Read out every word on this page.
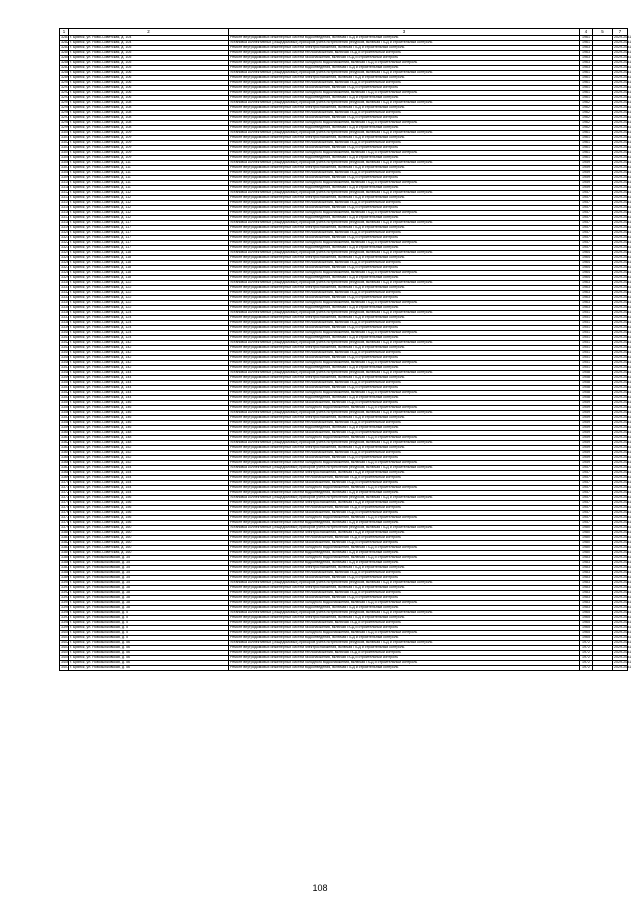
1	2	3	4	5	7
3281	г. Брянск, ул. Ново-Советская, д. 104	Ремонт внутридомовых инженерных систем водоотведения, включая ПСД и строительный контроль	1961		2029-2031
3282	г. Брянск, ул. Ново-Советская, д. 104	Установка коллективных (общедомовых) приборов учета потребления ресурсов, включая ПСД и строительный контроль	1961		2029-2031
3283	г. Брянск, ул. Ново-Советская, д. 105	Ремонт внутридомовых инженерных систем электроснабжения, включая ПСД и строительный контроль	1963		2029-2031
3284	г. Брянск, ул. Ново-Советская, д. 105	Ремонт внутридомовых инженерных систем теплоснабжения, включая ПСД и строительный контроль	1963		2029-2031
3285	г. Брянск, ул. Ново-Советская, д. 105	Ремонт внутридомовых инженерных систем газоснабжения, включая ПСД и строительный контроль	1963		2029-2031
3286	г. Брянск, ул. Ново-Советская, д. 105	Ремонт внутридомовых инженерных систем холодного водоснабжения, включая ПСД и строительный контроль	1963		2029-2031
3287	г. Брянск, ул. Ново-Советская, д. 105	Ремонт внутридомовых инженерных систем водоотведения, включая ПСД и строительный контроль	1963		2029-2031
3288	г. Брянск, ул. Ново-Советская, д. 106	Установка коллективных (общедомовых) приборов учета потребления ресурсов, включая ПСД и строительный контроль	1961		2029-2031
3289	г. Брянск, ул. Ново-Советская, д. 106	Ремонт внутридомовых инженерных систем электроснабжения, включая ПСД и строительный контроль	1961		2029-2031
3290	г. Брянск, ул. Ново-Советская, д. 106	Ремонт внутридомовых инженерных систем теплоснабжения, включая ПСД и строительный контроль	1961		2029-2031
3291	г. Брянск, ул. Ново-Советская, д. 106	Ремонт внутридомовых инженерных систем газоснабжения, включая ПСД и строительный контроль	1961		2029-2031
3292	г. Брянск, ул. Ново-Советская, д. 106	Ремонт внутридомовых инженерных систем холодного водоснабжения, включая ПСД и строительный контроль	1961		2029-2031
3293	г. Брянск, ул. Ново-Советская, д. 106	Ремонт внутридомовых инженерных систем водоотведения, включая ПСД и строительный контроль	1961		2029-2031
3294	г. Брянск, ул. Ново-Советская, д. 108	Установка коллективных (общедомовых) приборов учета потребления ресурсов, включая ПСД и строительный контроль	1962		2029-2031
3295	г. Брянск, ул. Ново-Советская, д. 108	Ремонт внутридомовых инженерных систем электроснабжения, включая ПСД и строительный контроль	1962		2029-2031
3296	г. Брянск, ул. Ново-Советская, д. 108	Ремонт внутридомовых инженерных систем теплоснабжения, включая ПСД и строительный контроль	1962		2029-2031
3297	г. Брянск, ул. Ново-Советская, д. 108	Ремонт внутридомовых инженерных систем газоснабжения, включая ПСД и строительный контроль	1962		2029-2031
3298	г. Брянск, ул. Ново-Советская, д. 108	Ремонт внутридомовых инженерных систем холодного водоснабжения, включая ПСД и строительный контроль	1962		2029-2031
3299	г. Брянск, ул. Ново-Советская, д. 108	Ремонт внутридомовых инженерных систем водоотведения, включая ПСД и строительный контроль	1962		2029-2031
3300	г. Брянск, ул. Ново-Советская, д. 109	Установка коллективных (общедомовых) приборов учета потребления ресурсов, включая ПСД и строительный контроль	1961		2029-2031
3301	г. Брянск, ул. Ново-Советская, д. 109	Ремонт внутридомовых инженерных систем электроснабжения, включая ПСД и строительный контроль	1961		2029-2031
3302	г. Брянск, ул. Ново-Советская, д. 109	Ремонт внутридомовых инженерных систем теплоснабжения, включая ПСД и строительный контроль	1961		2029-2031
3303	г. Брянск, ул. Ново-Советская, д. 109	Ремонт внутридомовых инженерных систем газоснабжения, включая ПСД и строительный контроль	1961		2029-2031
3304	г. Брянск, ул. Ново-Советская, д. 109	Ремонт внутридомовых инженерных систем холодного водоснабжения, включая ПСД и строительный контроль	1961		2029-2031
3305	г. Брянск, ул. Ново-Советская, д. 109	Ремонт внутридомовых инженерных систем водоотведения, включая ПСД и строительный контроль	1961		2029-2031
3306	г. Брянск, ул. Ново-Советская, д. 111	Установка коллективных (общедомовых) приборов учета потребления ресурсов, включая ПСД и строительный контроль	1959		2029-2031
3307	г. Брянск, ул. Ново-Советская, д. 111	Ремонт внутридомовых инженерных систем электроснабжения, включая ПСД и строительный контроль	1959		2029-2031
3308	г. Брянск, ул. Ново-Советская, д. 111	Ремонт внутридомовых инженерных систем теплоснабжения, включая ПСД и строительный контроль	1959		2029-2031
3309	г. Брянск, ул. Ново-Советская, д. 111	Ремонт внутридомовых инженерных систем газоснабжения, включая ПСД и строительный контроль	1959		2029-2031
3310	г. Брянск, ул. Ново-Советская, д. 111	Ремонт внутридомовых инженерных систем холодного водоснабжения, включая ПСД и строительный контроль	1959		2029-2031
3311	г. Брянск, ул. Ново-Советская, д. 111	Ремонт внутридомовых инженерных систем водоотведения, включая ПСД и строительный контроль	1959		2029-2031
3312	г. Брянск, ул. Ново-Советская, д. 112	Установка коллективных (общедомовых) приборов учета потребления ресурсов, включая ПСД и строительный контроль	1957		2029-2031
3313	г. Брянск, ул. Ново-Советская, д. 112	Ремонт внутридомовых инженерных систем электроснабжения, включая ПСД и строительный контроль	1957		2029-2031
3314	г. Брянск, ул. Ново-Советская, д. 112	Ремонт внутридомовых инженерных систем теплоснабжения, включая ПСД и строительный контроль	1957		2029-2031
3315	г. Брянск, ул. Ново-Советская, д. 112	Ремонт внутридомовых инженерных систем газоснабжения, включая ПСД и строительный контроль	1957		2029-2031
3316	г. Брянск, ул. Ново-Советская, д. 112	Ремонт внутридомовых инженерных систем холодного водоснабжения, включая ПСД и строительный контроль	1957		2029-2031
3317	г. Брянск, ул. Ново-Советская, д. 112	Ремонт внутридомовых инженерных систем водоотведения, включая ПСД и строительный контроль	1957		2029-2031
3318	г. Брянск, ул. Ново-Советская, д. 117	Установка коллективных (общедомовых) приборов учета потребления ресурсов, включая ПСД и строительный контроль	1957		2029-2031
3319	г. Брянск, ул. Ново-Советская, д. 117	Ремонт внутридомовых инженерных систем электроснабжения, включая ПСД и строительный контроль	1957		2029-2031
3320	г. Брянск, ул. Ново-Советская, д. 117	Ремонт внутридомовых инженерных систем теплоснабжения, включая ПСД и строительный контроль	1957		2029-2031
3321	г. Брянск, ул. Ново-Советская, д. 117	Ремонт внутридомовых инженерных систем газоснабжения, включая ПСД и строительный контроль	1957		2029-2031
3322	г. Брянск, ул. Ново-Советская, д. 117	Ремонт внутридомовых инженерных систем холодного водоснабжения, включая ПСД и строительный контроль	1957		2029-2031
3323	г. Брянск, ул. Ново-Советская, д. 117	Ремонт внутридомовых инженерных систем водоотведения, включая ПСД и строительный контроль	1957		2029-2031
3324	г. Брянск, ул. Ново-Советская, д. 118	Установка коллективных (общедомовых) приборов учета потребления ресурсов, включая ПСД и строительный контроль	1964		2029-2031
3325	г. Брянск, ул. Ново-Советская, д. 118	Ремонт внутридомовых инженерных систем электроснабжения, включая ПСД и строительный контроль	1964		2029-2031
3326	г. Брянск, ул. Ново-Советская, д. 118	Ремонт внутридомовых инженерных систем теплоснабжения, включая ПСД и строительный контроль	1964		2029-2031
3327	г. Брянск, ул. Ново-Советская, д. 118	Ремонт внутридомовых инженерных систем газоснабжения, включая ПСД и строительный контроль	1964		2029-2031
3328	г. Брянск, ул. Ново-Советская, д. 118	Ремонт внутридомовых инженерных систем холодного водоснабжения, включая ПСД и строительный контроль	1964		2029-2031
3329	г. Брянск, ул. Ново-Советская, д. 118	Ремонт внутридомовых инженерных систем водоотведения, включая ПСД и строительный контроль	1964		2029-2031
3330	г. Брянск, ул. Ново-Советская, д. 122	Установка коллективных (общедомовых) приборов учета потребления ресурсов, включая ПСД и строительный контроль	1963		2029-2031
3331	г. Брянск, ул. Ново-Советская, д. 122	Ремонт внутридомовых инженерных систем электроснабжения, включая ПСД и строительный контроль	1963		2029-2031
3332	г. Брянск, ул. Ново-Советская, д. 122	Ремонт внутридомовых инженерных систем теплоснабжения, включая ПСД и строительный контроль	1963		2029-2031
3333	г. Брянск, ул. Ново-Советская, д. 122	Ремонт внутридомовых инженерных систем газоснабжения, включая ПСД и строительный контроль	1963		2029-2031
3334	г. Брянск, ул. Ново-Советская, д. 122	Ремонт внутридомовых инженерных систем холодного водоснабжения, включая ПСД и строительный контроль	1963		2029-2031
3335	г. Брянск, ул. Ново-Советская, д. 122	Ремонт внутридомовых инженерных систем водоотведения, включая ПСД и строительный контроль	1963		2029-2031
3336	г. Брянск, ул. Ново-Советская, д. 124	Установка коллективных (общедомовых) приборов учета потребления ресурсов, включая ПСД и строительный контроль	1951		2029-2031
3337	г. Брянск, ул. Ново-Советская, д. 124	Ремонт внутридомовых инженерных систем электроснабжения, включая ПСД и строительный контроль	1951		2029-2031
3338	г. Брянск, ул. Ново-Советская, д. 124	Ремонт внутридомовых инженерных систем теплоснабжения, включая ПСД и строительный контроль	1951		2029-2031
3339	г. Брянск, ул. Ново-Советская, д. 124	Ремонт внутридомовых инженерных систем газоснабжения, включая ПСД и строительный контроль	1951		2029-2031
3340	г. Брянск, ул. Ново-Советская, д. 124	Ремонт внутридомовых инженерных систем холодного водоснабжения, включая ПСД и строительный контроль	1951		2029-2031
3341	г. Брянск, ул. Ново-Советская, д. 124	Ремонт внутридомовых инженерных систем водоотведения, включая ПСД и строительный контроль	1951		2029-2031
3342	г. Брянск, ул. Ново-Советская, д. 142	Установка коллективных (общедомовых) приборов учета потребления ресурсов, включая ПСД и строительный контроль	1951		2029-2031
3343	г. Брянск, ул. Ново-Советская, д. 142	Ремонт внутридомовых инженерных систем электроснабжения, включая ПСД и строительный контроль	1951		2029-2031
3344	г. Брянск, ул. Ново-Советская, д. 142	Ремонт внутридомовых инженерных систем теплоснабжения, включая ПСД и строительный контроль	1951		2029-2031
3345	г. Брянск, ул. Ново-Советская, д. 142	Ремонт внутридомовых инженерных систем газоснабжения, включая ПСД и строительный контроль	1951		2029-2031
3346	г. Брянск, ул. Ново-Советская, д. 142	Ремонт внутридомовых инженерных систем холодного водоснабжения, включая ПСД и строительный контроль	1951		2029-2031
3347	г. Брянск, ул. Ново-Советская, д. 142	Ремонт внутридомовых инженерных систем водоотведения, включая ПСД и строительный контроль	1951		2029-2031
3348	г. Брянск, ул. Ново-Советская, д. 144	Установка коллективных (общедомовых) приборов учета потребления ресурсов, включая ПСД и строительный контроль	1958		2029-2031
3349	г. Брянск, ул. Ново-Советская, д. 144	Ремонт внутридомовых инженерных систем электроснабжения, включая ПСД и строительный контроль	1958		2029-2031
3350	г. Брянск, ул. Ново-Советская, д. 144	Ремонт внутридомовых инженерных систем теплоснабжения, включая ПСД и строительный контроль	1958		2029-2031
3351	г. Брянск, ул. Ново-Советская, д. 144	Ремонт внутридомовых инженерных систем газоснабжения, включая ПСД и строительный контроль	1958		2029-2031
3352	г. Брянск, ул. Ново-Советская, д. 144	Ремонт внутридомовых инженерных систем холодного водоснабжения, включая ПСД и строительный контроль	1958		2029-2031
3353	г. Брянск, ул. Ново-Советская, д. 144	Ремонт внутридомовых инженерных систем водоотведения, включая ПСД и строительный контроль	1958		2029-2031
3354	г. Брянск, ул. Ново-Советская, д. 146	Ремонт внутридомовых инженерных систем газоснабжения, включая ПСД и строительный контроль	1959		2029-2031
3355	г. Брянск, ул. Ново-Советская, д. 146	Ремонт внутридомовых инженерных систем холодного водоснабжения, включая ПСД и строительный контроль	1959		2029-2031
3356	г. Брянск, ул. Ново-Советская, д. 146	Установка коллективных (общедомовых) приборов учета потребления ресурсов, включая ПСД и строительный контроль	1959		2029-2031
3357	г. Брянск, ул. Ново-Советская, д. 146	Ремонт внутридомовых инженерных систем электроснабжения, включая ПСД и строительный контроль	1959		2029-2031
3358	г. Брянск, ул. Ново-Советская, д. 146	Ремонт внутридомовых инженерных систем теплоснабжения, включая ПСД и строительный контроль	1959		2029-2031
3359	г. Брянск, ул. Ново-Советская, д. 146	Ремонт внутридомовых инженерных систем водоотведения, включая ПСД и строительный контроль	1959		2029-2031
3360	г. Брянск, ул. Ново-Советская, д. 148	Ремонт внутридомовых инженерных систем газоснабжения, включая ПСД и строительный контроль	1959		2029-2031
3361	г. Брянск, ул. Ново-Советская, д. 148	Ремонт внутридомовых инженерных систем холодного водоснабжения, включая ПСД и строительный контроль	1959		2029-2031
3362	г. Брянск, ул. Ново-Советская, д. 148	Установка коллективных (общедомовых) приборов учета потребления ресурсов, включая ПСД и строительный контроль	1959		2029-2031
3363	г. Брянск, ул. Ново-Советская, д. 152	Ремонт внутридомовых инженерных систем электроснабжения, включая ПСД и строительный контроль	1959		2029-2031
3364	г. Брянск, ул. Ново-Советская, д. 152	Ремонт внутридомовых инженерных систем теплоснабжения, включая ПСД и строительный контроль	1959		2029-2031
3365	г. Брянск, ул. Ново-Советская, д. 152	Ремонт внутридомовых инженерных систем газоснабжения, включая ПСД и строительный контроль	1959		2029-2031
3366	г. Брянск, ул. Ново-Советская, д. 152	Ремонт внутридомовых инженерных систем холодного водоснабжения, включая ПСД и строительный контроль	1959		2029-2031
3367	г. Брянск, ул. Ново-Советская, д. 154	Установка коллективных (общедомовых) приборов учета потребления ресурсов, включая ПСД и строительный контроль	1957		2029-2031
3368	г. Брянск, ул. Ново-Советская, д. 154	Ремонт внутридомовых инженерных систем электроснабжения, включая ПСД и строительный контроль	1957		2029-2031
3369	г. Брянск, ул. Ново-Советская, д. 154	Ремонт внутридомовых инженерных систем теплоснабжения, включая ПСД и строительный контроль	1957		2029-2031
3370	г. Брянск, ул. Ново-Советская, д. 154	Ремонт внутридомовых инженерных систем газоснабжения, включая ПСД и строительный контроль	1957		2029-2031
3371	г. Брянск, ул. Ново-Советская, д. 154	Ремонт внутридомовых инженерных систем холодного водоснабжения, включая ПСД и строительный контроль	1957		2029-2031
3372	г. Брянск, ул. Ново-Советская, д. 154	Ремонт внутридомовых инженерных систем водоотведения, включая ПСД и строительный контроль	1957		2029-2031
3373	г. Брянск, ул. Ново-Советская, д. 156	Установка коллективных (общедомовых) приборов учета потребления ресурсов, включая ПСД и строительный контроль	1957		2029-2031
3374	г. Брянск, ул. Ново-Советская, д. 156	Ремонт внутридомовых инженерных систем электроснабжения, включая ПСД и строительный контроль	1957		2029-2031
3375	г. Брянск, ул. Ново-Советская, д. 156	Ремонт внутридомовых инженерных систем теплоснабжения, включая ПСД и строительный контроль	1957		2029-2031
3376	г. Брянск, ул. Ново-Советская, д. 156	Ремонт внутридомовых инженерных систем газоснабжения, включая ПСД и строительный контроль	1957		2029-2031
3377	г. Брянск, ул. Ново-Советская, д. 156	Ремонт внутридомовых инженерных систем холодного водоснабжения, включая ПСД и строительный контроль	1957		2029-2031
3378	г. Брянск, ул. Ново-Советская, д. 156	Ремонт внутридомовых инженерных систем водоотведения, включая ПСД и строительный контроль	1957		2029-2031
3379	г. Брянск, ул. Ново-Советская, д. 160	Установка коллективных (общедомовых) приборов учета потребления ресурсов, включая ПСД и строительный контроль	1980		2029-2031
3380	г. Брянск, ул. Ново-Советская, д. 160	Ремонт внутридомовых инженерных систем электроснабжения, включая ПСД и строительный контроль	1980		2029-2031
3381	г. Брянск, ул. Ново-Советская, д. 160	Ремонт внутридомовых инженерных систем теплоснабжения, включая ПСД и строительный контроль	1980		2029-2031
3382	г. Брянск, ул. Ново-Советская, д. 160	Ремонт внутридомовых инженерных систем газоснабжения, включая ПСД и строительный контроль	1980		2029-2031
3383	г. Брянск, ул. Ново-Советская, д. 160	Ремонт внутридомовых инженерных систем холодного водоснабжения, включая ПСД и строительный контроль	1980		2029-2031
3384	г. Брянск, ул. Ново-Советская, д. 160	Ремонт внутридомовых инженерных систем водоотведения, включая ПСД и строительный контроль	1980		2029-2031
3385	г. Брянск, ул. Новозыбковская, д. 35	Ремонт внутридомовых инженерных систем холодного водоснабжения, включая ПСД и строительный контроль	1983		2029-2031
3386	г. Брянск, ул. Новозыбковская, д. 35	Ремонт внутридомовых инженерных систем водоотведения, включая ПСД и строительный контроль	1983		2029-2031
3387	г. Брянск, ул. Новозыбковская, д. 35	Ремонт внутридомовых инженерных систем электроснабжения, включая ПСД и строительный контроль	1983		2029-2031
3388	г. Брянск, ул. Новозыбковская, д. 35	Ремонт внутридомовых инженерных систем теплоснабжения, включая ПСД и строительный контроль	1983		2029-2031
3389	г. Брянск, ул. Новозыбковская, д. 35	Ремонт внутридомовых инженерных систем газоснабжения, включая ПСД и строительный контроль	1983		2029-2031
3390	г. Брянск, ул. Новозыбковская, д. 35	Установка коллективных (общедомовых) приборов учета потребления ресурсов, включая ПСД и строительный контроль	1983		2029-2031
3391	г. Брянск, ул. Новозыбковская, д. 38	Ремонт внутридомовых инженерных систем электроснабжения, включая ПСД и строительный контроль	1983		2029-2031
3392	г. Брянск, ул. Новозыбковская, д. 38	Ремонт внутридомовых инженерных систем теплоснабжения, включая ПСД и строительный контроль	1983		2029-2031
3393	г. Брянск, ул. Новозыбковская, д. 38	Ремонт внутридомовых инженерных систем газоснабжения, включая ПСД и строительный контроль	1983		2029-2031
3394	г. Брянск, ул. Новозыбковская, д. 38	Ремонт внутридомовых инженерных систем холодного водоснабжения, включая ПСД и строительный контроль	1983		2029-2031
3395	г. Брянск, ул. Новозыбковская, д. 38	Ремонт внутридомовых инженерных систем водоотведения, включая ПСД и строительный контроль	1983		2029-2031
3396	г. Брянск, ул. Новозыбковская, д. 5	Установка коллективных (общедомовых) приборов учета потребления ресурсов, включая ПСД и строительный контроль	1965		2029-2031
3397	г. Брянск, ул. Новозыбковская, д. 5	Ремонт внутридомовых инженерных систем электроснабжения, включая ПСД и строительный контроль	1965		2029-2031
3398	г. Брянск, ул. Новозыбковская, д. 5	Ремонт внутридомовых инженерных систем теплоснабжения, включая ПСД и строительный контроль	1965		2029-2031
3399	г. Брянск, ул. Новозыбковская, д. 5	Ремонт внутридомовых инженерных систем газоснабжения, включая ПСД и строительный контроль	1965		2029-2031
3400	г. Брянск, ул. Новозыбковская, д. 5	Ремонт внутридомовых инженерных систем холодного водоснабжения, включая ПСД и строительный контроль	1965		2029-2031
3401	г. Брянск, ул. Новозыбковская, д. 5	Ремонт внутридомовых инженерных систем водоотведения, включая ПСД и строительный контроль	1965		2029-2031
3402	г. Брянск, ул. Новозыбковская, д. 56	Установка коллективных (общедомовых) приборов учета потребления ресурсов, включая ПСД и строительный контроль	1972		2029-2031
3403	г. Брянск, ул. Новозыбковская, д. 56	Ремонт внутридомовых инженерных систем электроснабжения, включая ПСД и строительный контроль	1972		2029-2031
3404	г. Брянск, ул. Новозыбковская, д. 56	Ремонт внутридомовых инженерных систем теплоснабжения, включая ПСД и строительный контроль	1972		2029-2031
3405	г. Брянск, ул. Новозыбковская, д. 56	Ремонт внутридомовых инженерных систем газоснабжения, включая ПСД и строительный контроль	1972		2029-2031
3406	г. Брянск, ул. Новозыбковская, д. 56	Ремонт внутридомовых инженерных систем холодного водоснабжения, включая ПСД и строительный контроль	1972		2029-2031
3407	г. Брянск, ул. Новозыбковская, д. 56	Ремонт внутридомовых инженерных систем водоотведения, включая ПСД и строительный контроль	1972		2029-2031
108
